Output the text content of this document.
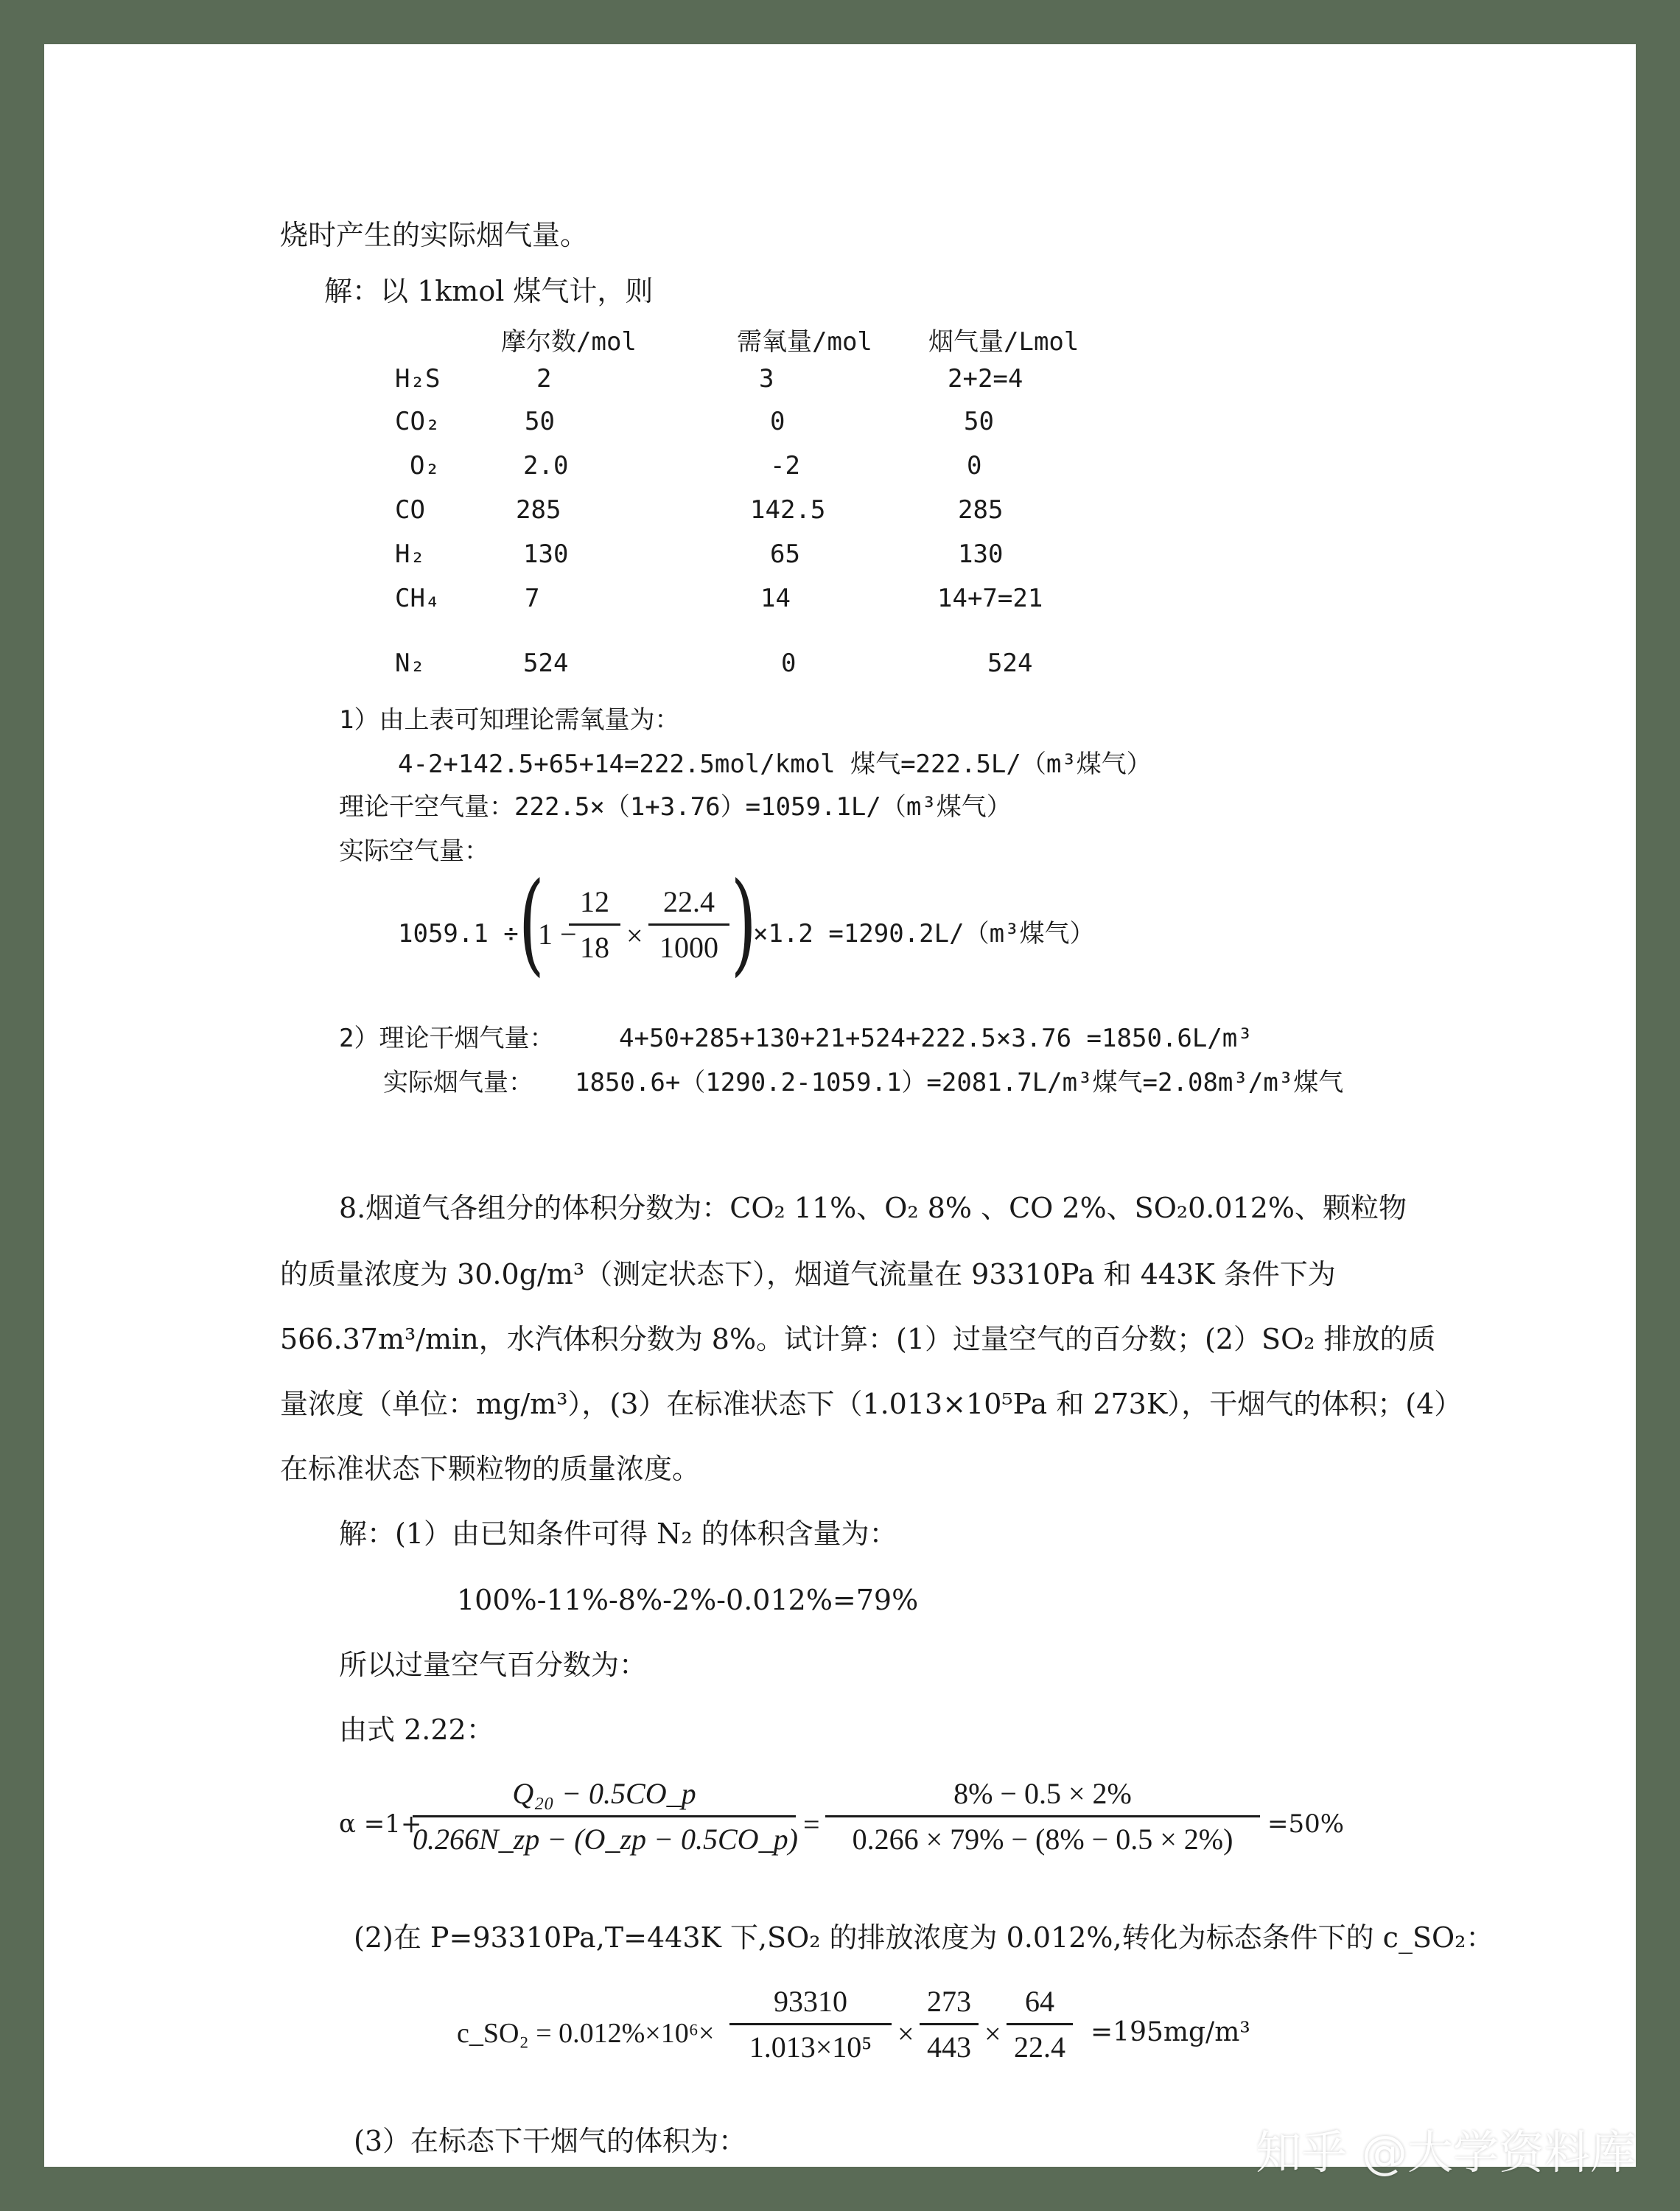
烧时产生的实际烟气量。
解：以 1kmol 煤气计，则
摩尔数/mol	需氧量/mol 烟气量/Lmol
H₂S	2	3	2+2=4
CO₂	50	0	50
O₂	2.0	-2	0
CO	285	142.5	285
H₂	130	65	130
CH₄	7	14	14+7=21
N₂	524	0	524
1）由上表可知理论需氧量为：
4-2+142.5+65+14=222.5mol/kmol 煤气=222.5L/（m³煤气）
理论干空气量：222.5×（1+3.76）=1059.1L/（m³煤气）
实际空气量：
1059.1 ÷ (
1 −
12
18 ×
22.4
1000 )
×1.2 =1290.2L/（m³煤气）
2）理论干烟气量：	4+50+285+130+21+524+222.5×3.76 =1850.6L/m³
实际烟气量： 1850.6+（1290.2-1059.1）=2081.7L/m³煤气=2.08m³/m³煤气
8.烟道气各组分的体积分数为：CO₂ 11%、O₂ 8% 、CO 2%、SO₂0.012%、颗粒物
的质量浓度为 30.0g/m³（测定状态下），烟道气流量在 93310Pa 和 443K 条件下为
566.37m³/min，水汽体积分数为 8%。试计算：(1）过量空气的百分数；(2）SO₂ 排放的质
量浓度（单位：mg/m³），(3）在标准状态下（1.013×10⁵Pa 和 273K），干烟气的体积；(4）
在标准状态下颗粒物的质量浓度。
解：(1）由已知条件可得 N₂ 的体积含量为：
100%-11%-8%-2%-0.012%=79%
所以过量空气百分数为：
由式 2.22：
α =1+
Q₂₀ − 0.5CO_p
0.266N_zp − (O_zp − 0.5CO_p) =
8% − 0.5 × 2%
0.266 × 79% − (8% − 0.5 × 2%)	=50%
(2)在 P=93310Pa,T=443K 下,SO₂ 的排放浓度为 0.012%,转化为标态条件下的 c_SO₂：
c_SO₂ = 0.012%×10⁶×
93310
1.013×10⁵ ×
273
443 ×
64
22.4 =195mg/m³
(3）在标态下干烟气的体积为：	知乎 @大学资料库
